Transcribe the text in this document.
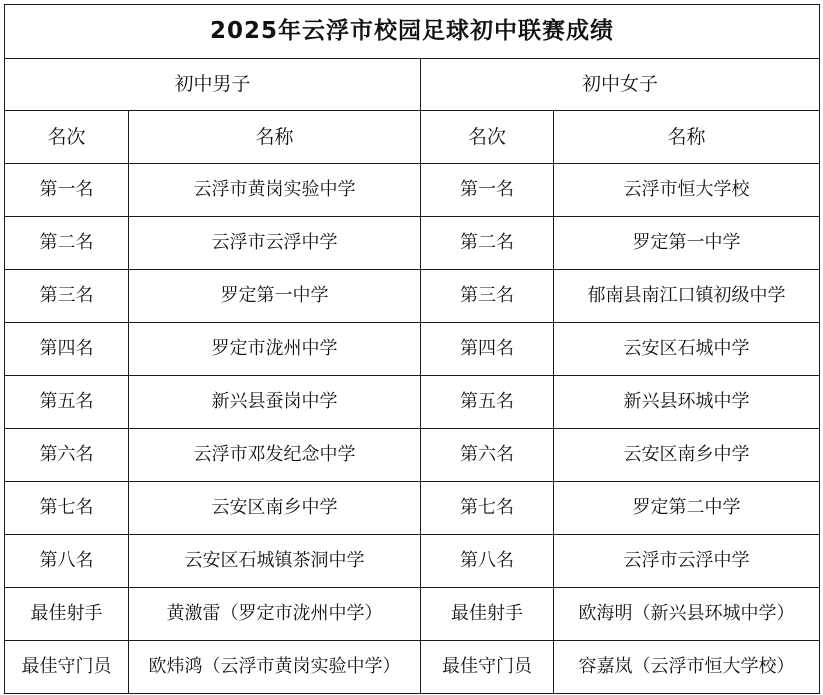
2025年云浮市校园足球初中联赛成绩			
初中男子		初中女子	
名次	名称	名次	名称
第一名	云浮市黄岗实验中学	第一名	云浮市恒大学校
第二名	云浮市云浮中学	第二名	罗定第一中学
第三名	罗定第一中学	第三名	郁南县南江口镇初级中学
第四名	罗定市泷州中学	第四名	云安区石城中学
第五名	新兴县蚕岗中学	第五名	新兴县环城中学
第六名	云浮市邓发纪念中学	第六名	云安区南乡中学
第七名	云安区南乡中学	第七名	罗定第二中学
第八名	云安区石城镇茶洞中学	第八名	云浮市云浮中学
最佳射手	黄激雷（罗定市泷州中学）	最佳射手	欧海明（新兴县环城中学）
最佳守门员	欧炜鸿（云浮市黄岗实验中学）	最佳守门员	容嘉岚（云浮市恒大学校）
